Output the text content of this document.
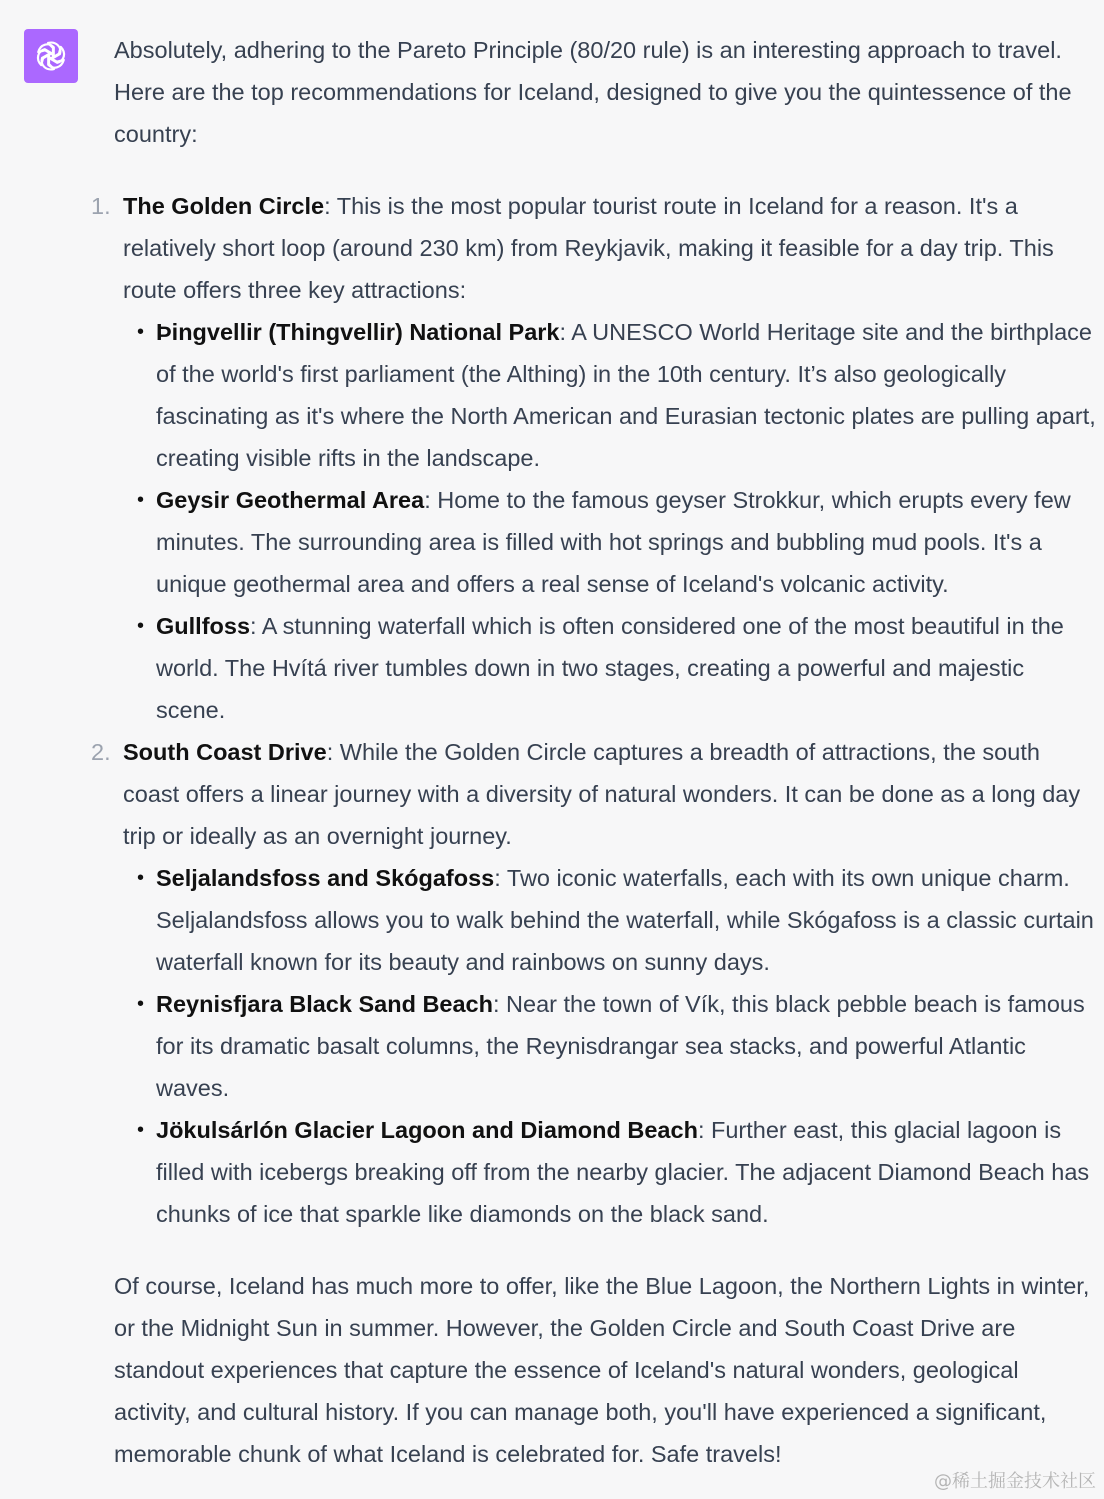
Absolutely, adhering to the Pareto Principle (80/20 rule) is an interesting approach to travel. Here are the top recommendations for Iceland, designed to give you the quintessence of the country:

1. The Golden Circle: This is the most popular tourist route in Iceland for a reason. It's a relatively short loop (around 230 km) from Reykjavik, making it feasible for a day trip. This route offers three key attractions:
• Þingvellir (Thingvellir) National Park: A UNESCO World Heritage site and the birthplace of the world's first parliament (the Althing) in the 10th century. It’s also geologically fascinating as it's where the North American and Eurasian tectonic plates are pulling apart, creating visible rifts in the landscape.
• Geysir Geothermal Area: Home to the famous geyser Strokkur, which erupts every few minutes. The surrounding area is filled with hot springs and bubbling mud pools. It's a unique geothermal area and offers a real sense of Iceland's volcanic activity.
• Gullfoss: A stunning waterfall which is often considered one of the most beautiful in the world. The Hvítá river tumbles down in two stages, creating a powerful and majestic scene.
2. South Coast Drive: While the Golden Circle captures a breadth of attractions, the south coast offers a linear journey with a diversity of natural wonders. It can be done as a long day trip or ideally as an overnight journey.
• Seljalandsfoss and Skógafoss: Two iconic waterfalls, each with its own unique charm. Seljalandsfoss allows you to walk behind the waterfall, while Skógafoss is a classic curtain waterfall known for its beauty and rainbows on sunny days.
• Reynisfjara Black Sand Beach: Near the town of Vík, this black pebble beach is famous for its dramatic basalt columns, the Reynisdrangar sea stacks, and powerful Atlantic waves.
• Jökulsárlón Glacier Lagoon and Diamond Beach: Further east, this glacial lagoon is filled with icebergs breaking off from the nearby glacier. The adjacent Diamond Beach has chunks of ice that sparkle like diamonds on the black sand.

Of course, Iceland has much more to offer, like the Blue Lagoon, the Northern Lights in winter, or the Midnight Sun in summer. However, the Golden Circle and South Coast Drive are standout experiences that capture the essence of Iceland's natural wonders, geological activity, and cultural history. If you can manage both, you'll have experienced a significant, memorable chunk of what Iceland is celebrated for. Safe travels!

@稀土掘金技术社区
